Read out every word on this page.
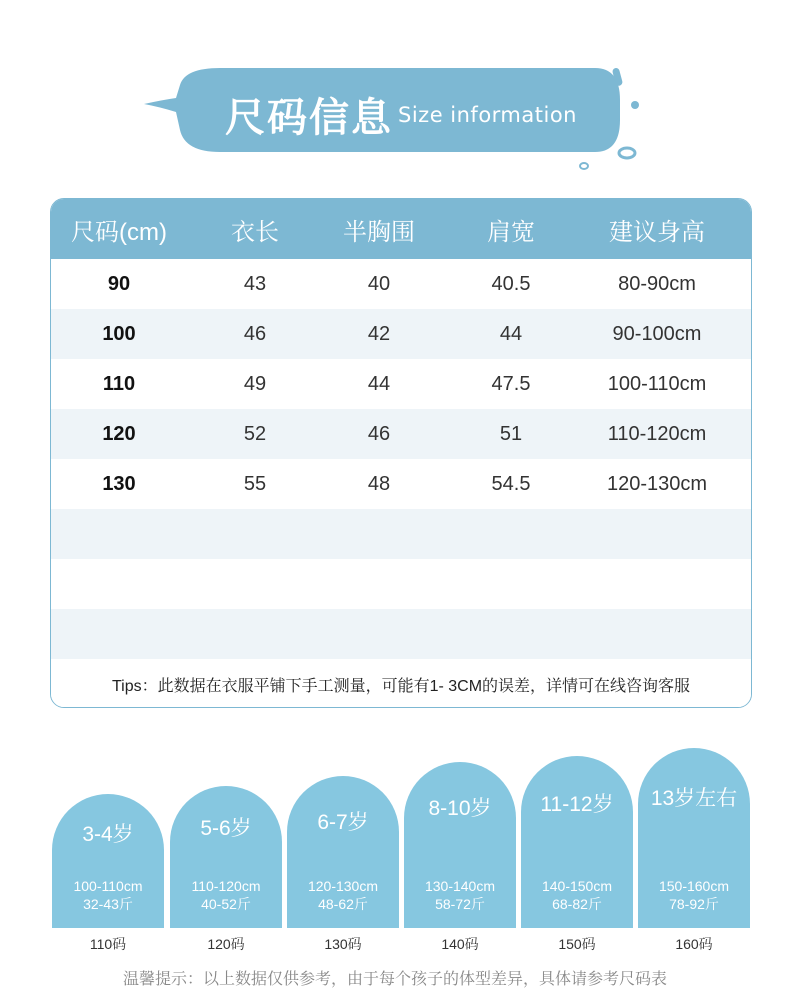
尺码信息 Size information
尺码(cm)	衣长	半胸围	肩宽	建议身高
90	43	40	40.5	80-90cm
100	46	42	44	90-100cm
110	49	44	47.5	100-110cm
120	52	46	51	110-120cm
130	55	48	54.5	120-130cm
Tips：此数据在衣服平铺下手工测量，可能有1- 3CM的误差，详情可在线咨询客服
3-4岁
100-110cm
32-43斤
5-6岁
110-120cm
40-52斤
6-7岁
120-130cm
48-62斤
8-10岁
130-140cm
58-72斤
11-12岁
140-150cm
68-82斤
13岁左右
150-160cm
78-92斤
110码	120码	130码	140码	150码	160码
温馨提示：以上数据仅供参考，由于每个孩子的体型差异，具体请参考尺码表
